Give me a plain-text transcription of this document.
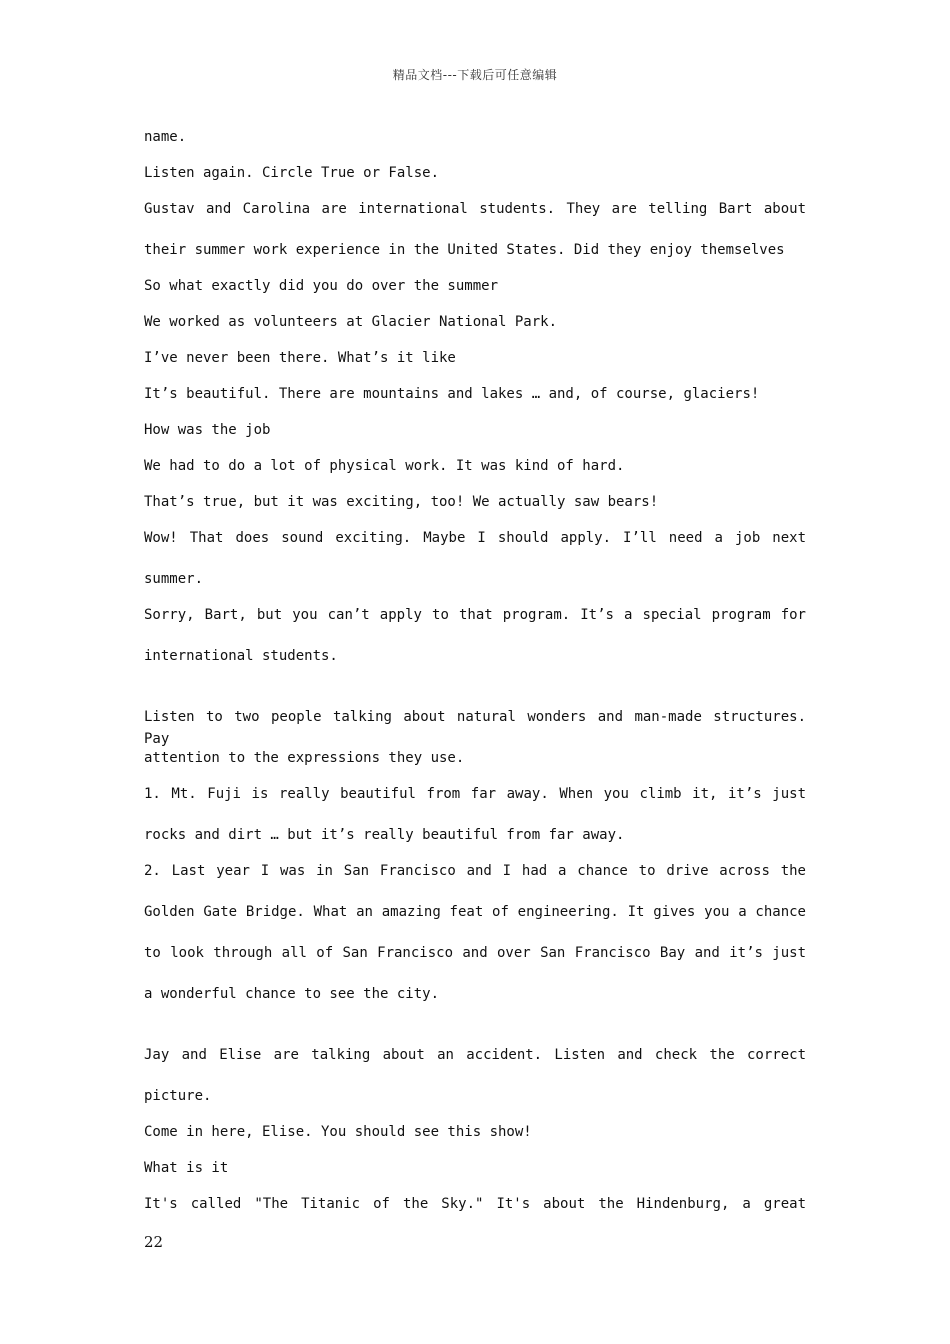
精品文档---下载后可任意编辑
name.
Listen again. Circle True or False.
Gustav and Carolina are international students. They are telling Bart about
their summer work experience in the United States. Did they enjoy themselves
So what exactly did you do over the summer
We worked as volunteers at Glacier National Park.
I’ve never been there. What’s it like
It’s beautiful. There are mountains and lakes … and, of course, glaciers!
How was the job
We had to do a lot of physical work. It was kind of hard.
That’s true, but it was exciting, too! We actually saw bears!
Wow! That does sound exciting. Maybe I should apply. I’ll need a job next
summer.
Sorry, Bart, but you can’t apply to that program. It’s a special program for
international students.
Listen to two people talking about natural wonders and man-made structures. Pay
attention to the expressions they use.
1. Mt. Fuji is really beautiful from far away. When you climb it, it’s just
rocks and dirt … but it’s really beautiful from far away.
2. Last year I was in San Francisco and I had a chance to drive across the
Golden Gate Bridge. What an amazing feat of engineering. It gives you a chance
to look through all of San Francisco and over San Francisco Bay and it’s just
a wonderful chance to see the city.
Jay and Elise are talking about an accident. Listen and check the correct
picture.
Come in here, Elise. You should see this show!
What is it
It's called "The Titanic of the Sky." It's about the Hindenburg, a great
22
